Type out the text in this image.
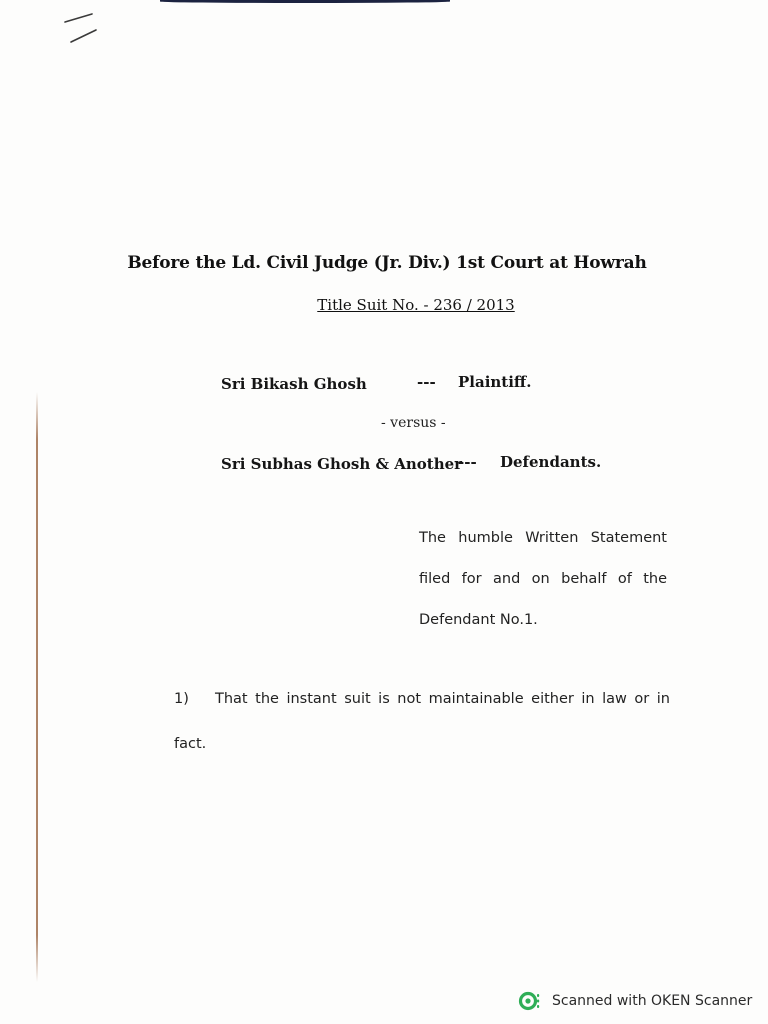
Before the Ld. Civil Judge (Jr. Div.) 1st Court at Howrah
Title Suit No. - 236 / 2013
Sri Bikash Ghosh	--- Plaintiff.
- versus -
Sri Subhas Ghosh & Another
--- Defendants.
The humble Written Statement
filed for and on behalf of the
Defendant No.1.
1) That the instant suit is not maintainable either in law or in
fact.
Scanned with OKEN Scanner
